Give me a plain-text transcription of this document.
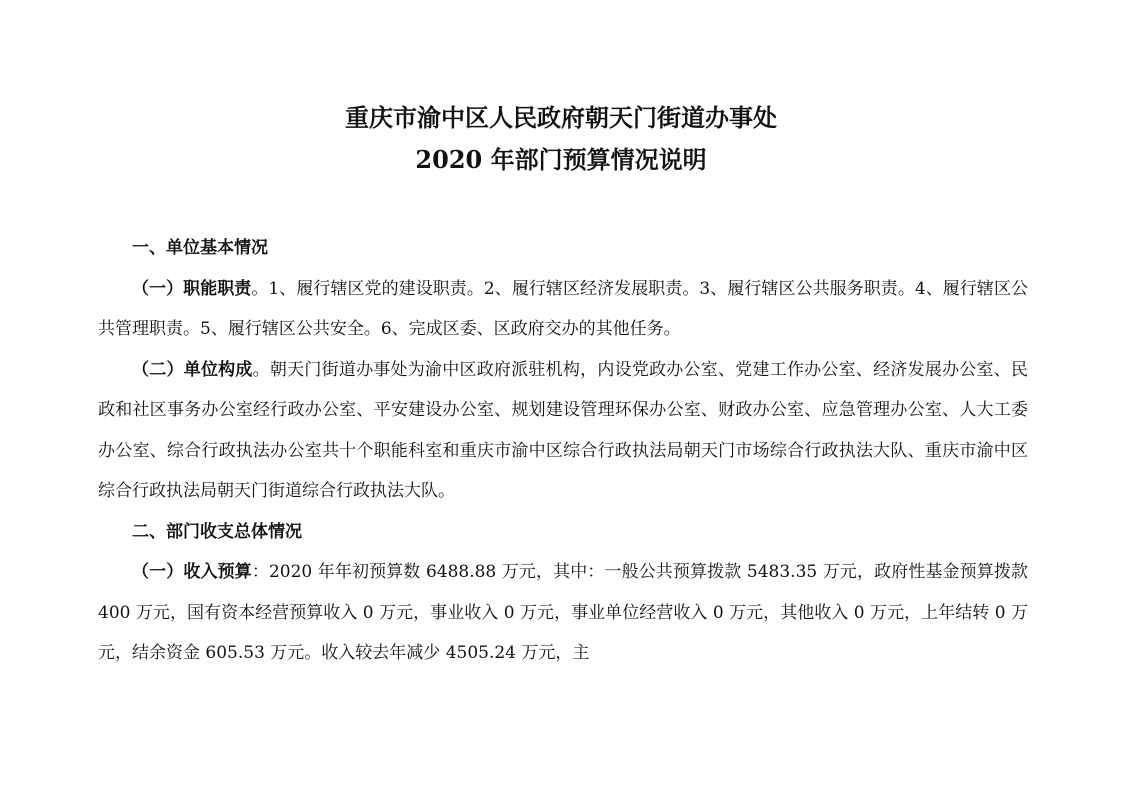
重庆市渝中区人民政府朝天门街道办事处
2020 年部门预算情况说明

一、单位基本情况

（一）职能职责。1、履行辖区党的建设职责。2、履行辖区经济发展职责。3、履行辖区公共服务职责。4、履行辖区公共管理职责。5、履行辖区公共安全。6、完成区委、区政府交办的其他任务。

（二）单位构成。朝天门街道办事处为渝中区政府派驻机构，内设党政办公室、党建工作办公室、经济发展办公室、民政和社区事务办公室经行政办公室、平安建设办公室、规划建设管理环保办公室、财政办公室、应急管理办公室、人大工委办公室、综合行政执法办公室共十个职能科室和重庆市渝中区综合行政执法局朝天门市场综合行政执法大队、重庆市渝中区综合行政执法局朝天门街道综合行政执法大队。

二、部门收支总体情况

（一）收入预算：2020 年年初预算数 6488.88 万元，其中：一般公共预算拨款 5483.35 万元，政府性基金预算拨款 400 万元，国有资本经营预算收入 0 万元，事业收入 0 万元，事业单位经营收入 0 万元，其他收入 0 万元，上年结转 0 万元，结余资金 605.53 万元。收入较去年减少 4505.24 万元，主
